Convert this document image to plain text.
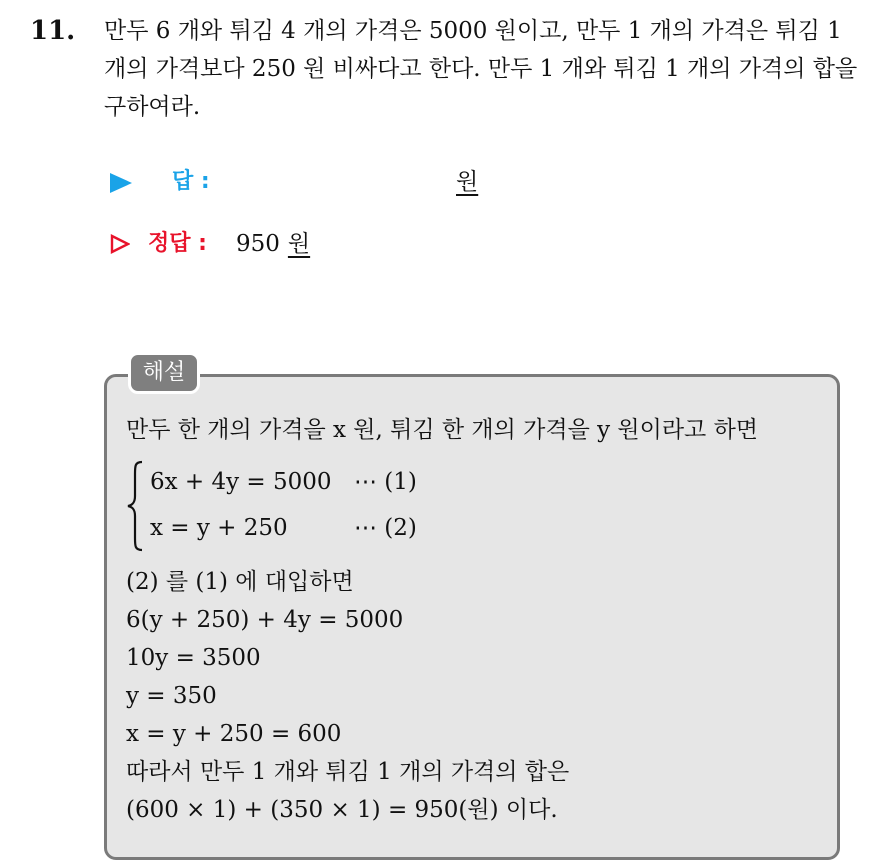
11. 만두 6 개와 튀김 4 개의 가격은 5000 원이고, 만두 1 개의 가격은 튀김 1 개의 가격보다 250 원 비싸다고 한다. 만두 1 개와 튀김 1 개의 가격의 합을 구하여라.
답 :	원
정답 : 950 원
해설
만두 한 개의 가격을 x 원, 튀김 한 개의 가격을 y 원이라고 하면
6x + 4y = 5000 ⋯ (1)
x = y + 250	⋯ (2)
(2) 를 (1) 에 대입하면
6(y + 250) + 4y = 5000
10y = 3500
y = 350
x = y + 250 = 600
따라서 만두 1 개와 튀김 1 개의 가격의 합은
(600 × 1) + (350 × 1) = 950(원) 이다.
